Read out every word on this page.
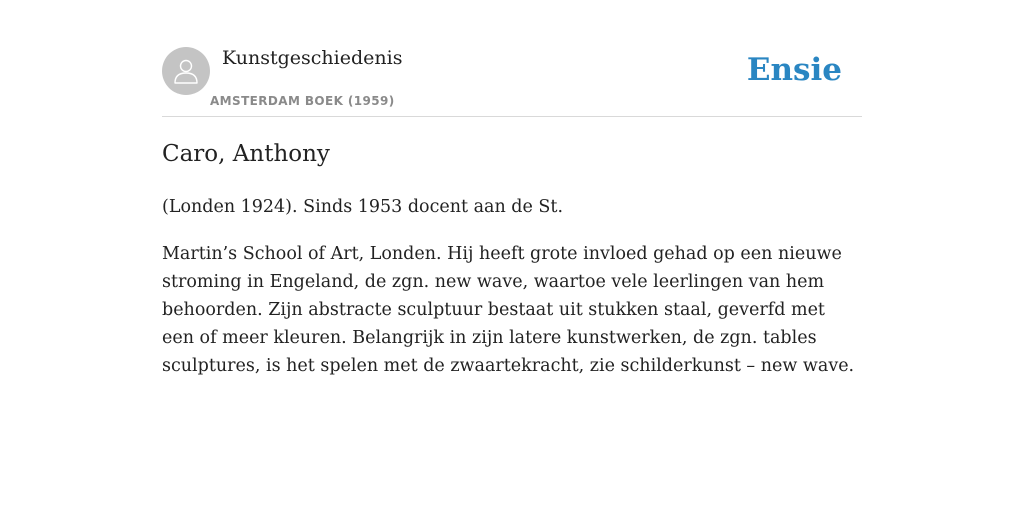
Kunstgeschiedenis
AMSTERDAM BOEK (1959)
Ensie
Caro, Anthony

(Londen 1924). Sinds 1953 docent aan de St.

Martin’s School of Art, Londen. Hij heeft grote invloed gehad op een nieuwe stroming in Engeland, de zgn. new wave, waartoe vele leerlingen van hem behoorden. Zijn abstracte sculptuur bestaat uit stukken staal, geverfd met een of meer kleuren. Belangrijk in zijn latere kunstwerken, de zgn. tables sculptures, is het spelen met de zwaartekracht, zie schilderkunst – new wave.
